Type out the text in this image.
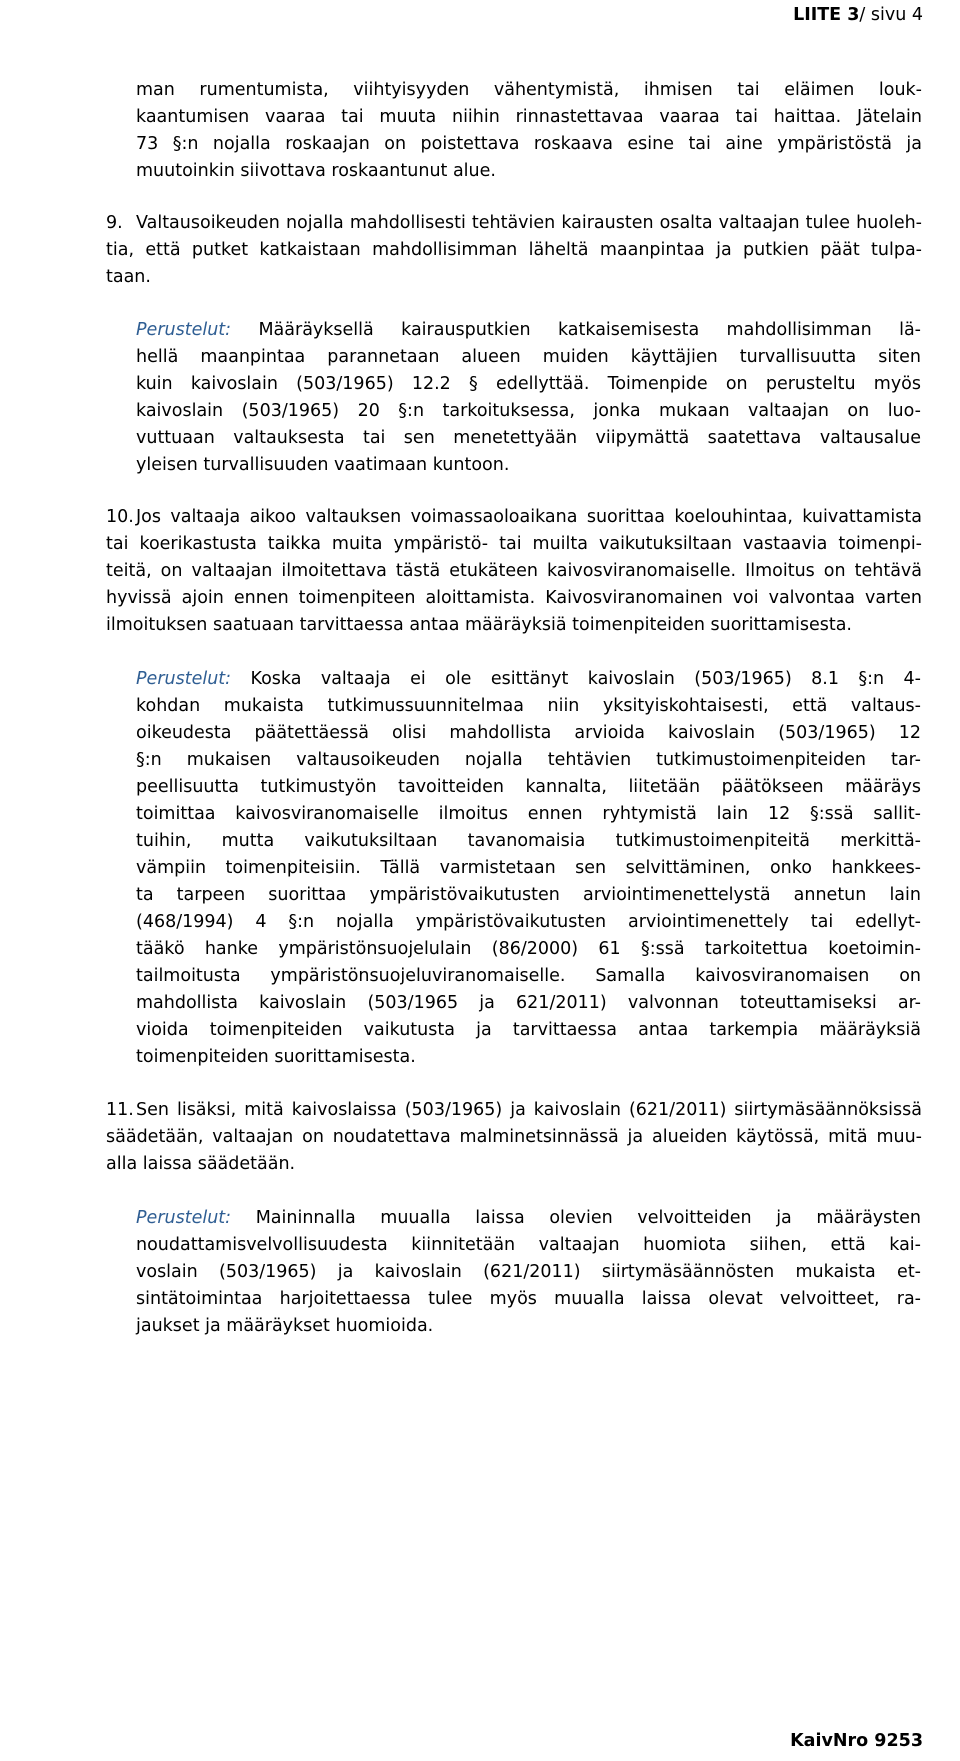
LIITE 3/ sivu 4
man rumentumista, viihtyisyyden vähentymistä, ihmisen tai eläimen louk-
kaantumisen vaaraa tai muuta niihin rinnastettavaa vaaraa tai haittaa. Jätelain
73 §:n nojalla roskaajan on poistettava roskaava esine tai aine ympäristöstä ja
muutoinkin siivottava roskaantunut alue.
9. Valtausoikeuden nojalla mahdollisesti tehtävien kairausten osalta valtaajan tulee huoleh-
tia, että putket katkaistaan mahdollisimman läheltä maanpintaa ja putkien päät tulpa-
taan.
Perustelut: Määräyksellä kairausputkien katkaisemisesta mahdollisimman lä-
hellä maanpintaa parannetaan alueen muiden käyttäjien turvallisuutta siten
kuin kaivoslain (503/1965) 12.2 § edellyttää. Toimenpide on perusteltu myös
kaivoslain (503/1965) 20 §:n tarkoituksessa, jonka mukaan valtaajan on luo-
vuttuaan valtauksesta tai sen menetettyään viipymättä saatettava valtausalue
yleisen turvallisuuden vaatimaan kuntoon.
10. Jos valtaaja aikoo valtauksen voimassaoloaikana suorittaa koelouhintaa, kuivattamista
tai koerikastusta taikka muita ympäristö- tai muilta vaikutuksiltaan vastaavia toimenpi-
teitä, on valtaajan ilmoitettava tästä etukäteen kaivosviranomaiselle. Ilmoitus on tehtävä
hyvissä ajoin ennen toimenpiteen aloittamista. Kaivosviranomainen voi valvontaa varten
ilmoituksen saatuaan tarvittaessa antaa määräyksiä toimenpiteiden suorittamisesta.
Perustelut: Koska valtaaja ei ole esittänyt kaivoslain (503/1965) 8.1 §:n 4-
kohdan mukaista tutkimussuunnitelmaa niin yksityiskohtaisesti, että valtaus-
oikeudesta päätettäessä olisi mahdollista arvioida kaivoslain (503/1965) 12
§:n mukaisen valtausoikeuden nojalla tehtävien tutkimustoimenpiteiden tar-
peellisuutta tutkimustyön tavoitteiden kannalta, liitetään päätökseen määräys
toimittaa kaivosviranomaiselle ilmoitus ennen ryhtymistä lain 12 §:ssä sallit-
tuihin, mutta vaikutuksiltaan tavanomaisia tutkimustoimenpiteitä merkittä-
vämpiin toimenpiteisiin. Tällä varmistetaan sen selvittäminen, onko hankkees-
ta tarpeen suorittaa ympäristövaikutusten arviointimenettelystä annetun lain
(468/1994) 4 §:n nojalla ympäristövaikutusten arviointimenettely tai edellyt-
tääkö hanke ympäristönsuojelulain (86/2000) 61 §:ssä tarkoitettua koetoimin-
tailmoitusta ympäristönsuojeluviranomaiselle. Samalla kaivosviranomaisen on
mahdollista kaivoslain (503/1965 ja 621/2011) valvonnan toteuttamiseksi ar-
vioida toimenpiteiden vaikutusta ja tarvittaessa antaa tarkempia määräyksiä
toimenpiteiden suorittamisesta.
11. Sen lisäksi, mitä kaivoslaissa (503/1965) ja kaivoslain (621/2011) siirtymäsäännöksissä
säädetään, valtaajan on noudatettava malminetsinnässä ja alueiden käytössä, mitä muu-
alla laissa säädetään.
Perustelut: Maininnalla muualla laissa olevien velvoitteiden ja määräysten
noudattamisvelvollisuudesta kiinnitetään valtaajan huomiota siihen, että kai-
voslain (503/1965) ja kaivoslain (621/2011) siirtymäsäännösten mukaista et-
sintätoimintaa harjoitettaessa tulee myös muualla laissa olevat velvoitteet, ra-
jaukset ja määräykset huomioida.
KaivNro 9253
